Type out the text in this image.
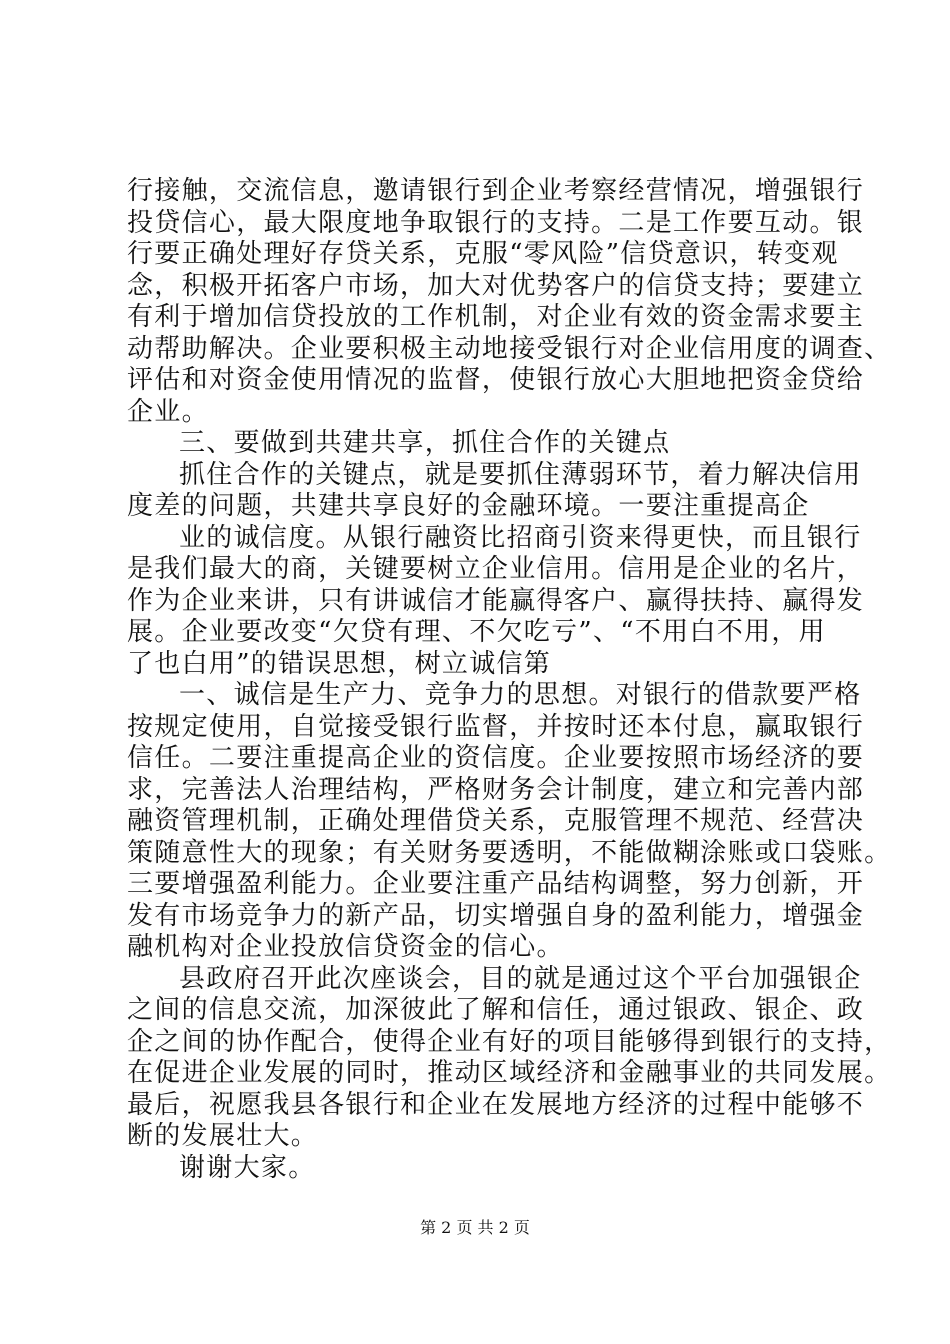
行接触，交流信息，邀请银行到企业考察经营情况，增强银行
投贷信心，最大限度地争取银行的支持。二是工作要互动。银
行要正确处理好存贷关系，克服“零风险”信贷意识，转变观
念，积极开拓客户市场，加大对优势客户的信贷支持；要建立
有利于增加信贷投放的工作机制，对企业有效的资金需求要主
动帮助解决。企业要积极主动地接受银行对企业信用度的调查、
评估和对资金使用情况的监督，使银行放心大胆地把资金贷给
企业。
三、要做到共建共享，抓住合作的关键点
抓住合作的关键点，就是要抓住薄弱环节，着力解决信用
度差的问题，共建共享良好的金融环境。一要注重提高企
业的诚信度。从银行融资比招商引资来得更快，而且银行
是我们最大的商，关键要树立企业信用。信用是企业的名片，
作为企业来讲，只有讲诚信才能赢得客户、赢得扶持、赢得发
展。企业要改变“欠贷有理、不欠吃亏”、“不用白不用，用
了也白用”的错误思想，树立诚信第
一、诚信是生产力、竞争力的思想。对银行的借款要严格
按规定使用，自觉接受银行监督，并按时还本付息，赢取银行
信任。二要注重提高企业的资信度。企业要按照市场经济的要
求，完善法人治理结构，严格财务会计制度，建立和完善内部
融资管理机制，正确处理借贷关系，克服管理不规范、经营决
策随意性大的现象；有关财务要透明，不能做糊涂账或口袋账。
三要增强盈利能力。企业要注重产品结构调整，努力创新，开
发有市场竞争力的新产品，切实增强自身的盈利能力，增强金
融机构对企业投放信贷资金的信心。
县政府召开此次座谈会，目的就是通过这个平台加强银企
之间的信息交流，加深彼此了解和信任，通过银政、银企、政
企之间的协作配合，使得企业有好的项目能够得到银行的支持，
在促进企业发展的同时，推动区域经济和金融事业的共同发展。
最后，祝愿我县各银行和企业在发展地方经济的过程中能够不
断的发展壮大。
谢谢大家。
第 2 页 共 2 页
